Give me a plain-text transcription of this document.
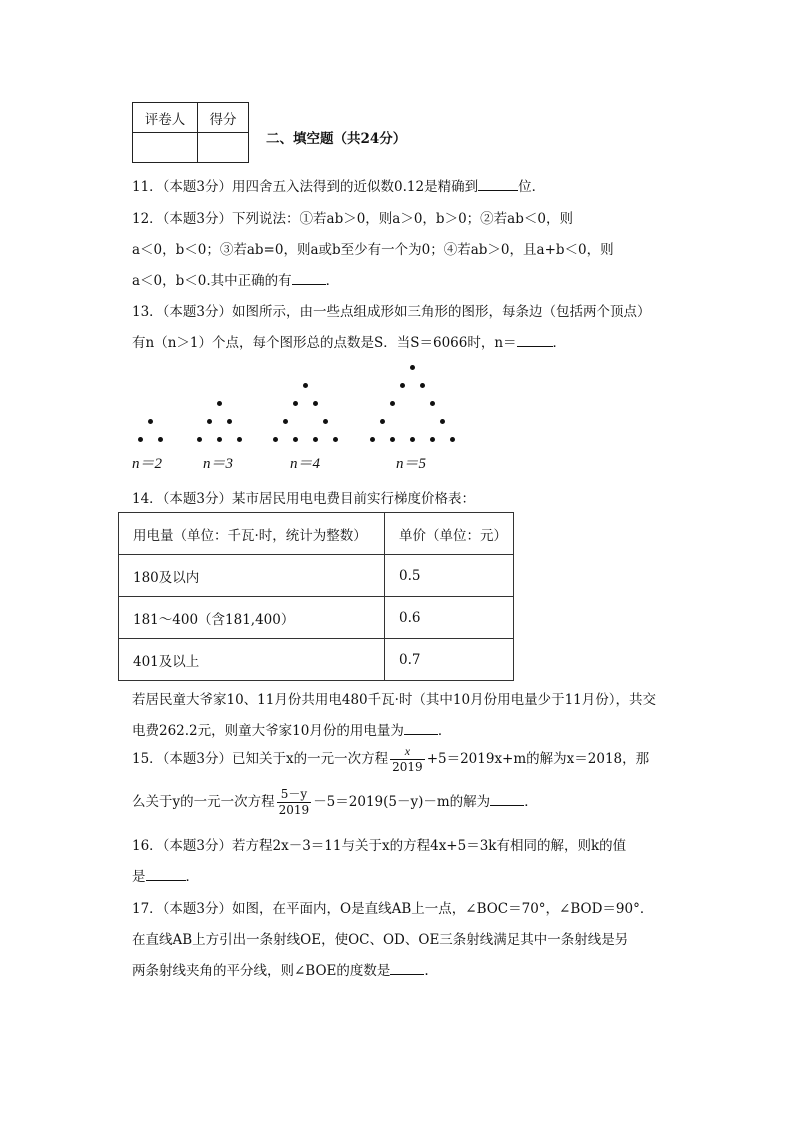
评卷人	得分

二、填空题（共24分）
11．（本题3分）用四舍五入法得到的近似数0.12是精确到	位．
12．（本题3分）下列说法：①若ab＞0，则a＞0，b＞0；②若ab＜0，则
a＜0，b＜0；③若ab=0，则a或b至少有一个为0；④若ab＞0，且a+b＜0，则
a＜0，b＜0.其中正确的有	．
13．（本题3分）如图所示，由一些点组成形如三角形的图形，每条边（包括两个顶点）
有n（n＞1）个点，每个图形总的点数是S．当S＝6066时，n＝	．
n＝2	n＝3	n＝4	n＝5
14．（本题3分）某市居民用电电费目前实行梯度价格表：
用电量（单位：千瓦·时，统计为整数）	单价（单位：元）
180及以内	0.5
181～400（含181,400）	0.6
401及以上	0.7
若居民童大爷家10、11月份共用电480千瓦·时（其中10月份用电量少于11月份），共交
电费262.2元，则童大爷家10月份的用电量为	．
15．（本题3分）已知关于x的一元一次方程 $\frac{x}{2019} +5=2019x+m$的解为x＝2018，那
么关于y的一元一次方程 $\frac{5-y}{2019} -5=2019(5-y)-m$的解为	．
16．（本题3分）若方程2x－3＝11与关于x的方程4x+5＝3k有相同的解，则k的值
是	．
17．（本题3分）如图，在平面内，O是直线AB上一点，∠BOC＝70°，∠BOD＝90°．
在直线AB上方引出一条射线OE，使OC、OD、OE三条射线满足其中一条射线是另
两条射线夹角的平分线，则∠BOE的度数是	.
